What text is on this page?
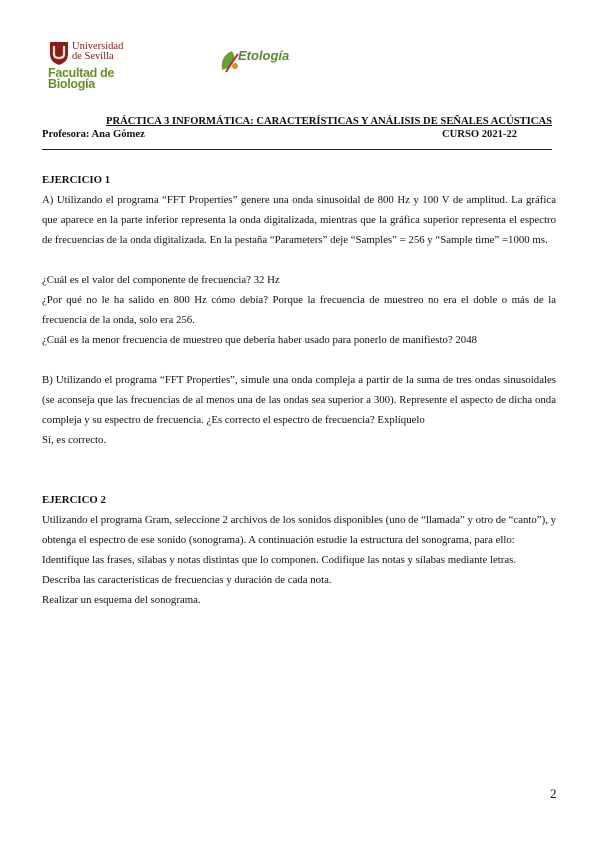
Universidad de Sevilla
Facultad de Biología
Etología
PRÁCTICA 3 INFORMÁTICA: CARACTERÍSTICAS Y ANÁLISIS DE SEÑALES ACÚSTICAS
Profesora: Ana Gómez	CURSO 2021-22

EJERCICIO 1

A) Utilizando el programa “FFT Properties” genere una onda sinusoidal de 800 Hz y 100 V de amplitud. La gráfica que aparece en la parte inferior representa la onda digitalizada, mientras que la gráfica superior representa el espectro de frecuencias de la onda digitalizada. En la pestaña “Parameters” deje “Samples” = 256 y “Sample time” =1000 ms.

¿Cuál es el valor del componente de frecuencia? 32 Hz

¿Por qué no le ha salido en 800 Hz cómo debía? Porque la frecuencia de muestreo no era el doble o más de la frecuencia de la onda, solo era 256.

¿Cuál es la menor frecuencia de muestreo que debería haber usado para ponerlo de manifiesto? 2048

B) Utilizando el programa “FFT Properties”, simule una onda compleja a partir de la suma de tres ondas sinusoidales (se aconseja que las frecuencias de al menos una de las ondas sea superior a 300). Represente el aspecto de dicha onda compleja y su espectro de frecuencia. ¿Es correcto el espectro de frecuencia? Explíquelo

Sí, es correcto.

EJERCICO 2

Utilizando el programa Gram, seleccione 2 archivos de los sonidos disponibles (uno de “llamada” y otro de “canto”), y obtenga el espectro de ese sonido (sonograma). A continuación estudie la estructura del sonograma, para ello:

Identifique las frases, sílabas y notas distintas que lo componen. Codifique las notas y sílabas mediante letras.

Describa las características de frecuencias y duración de cada nota.

Realizar un esquema del sonograma.

2
